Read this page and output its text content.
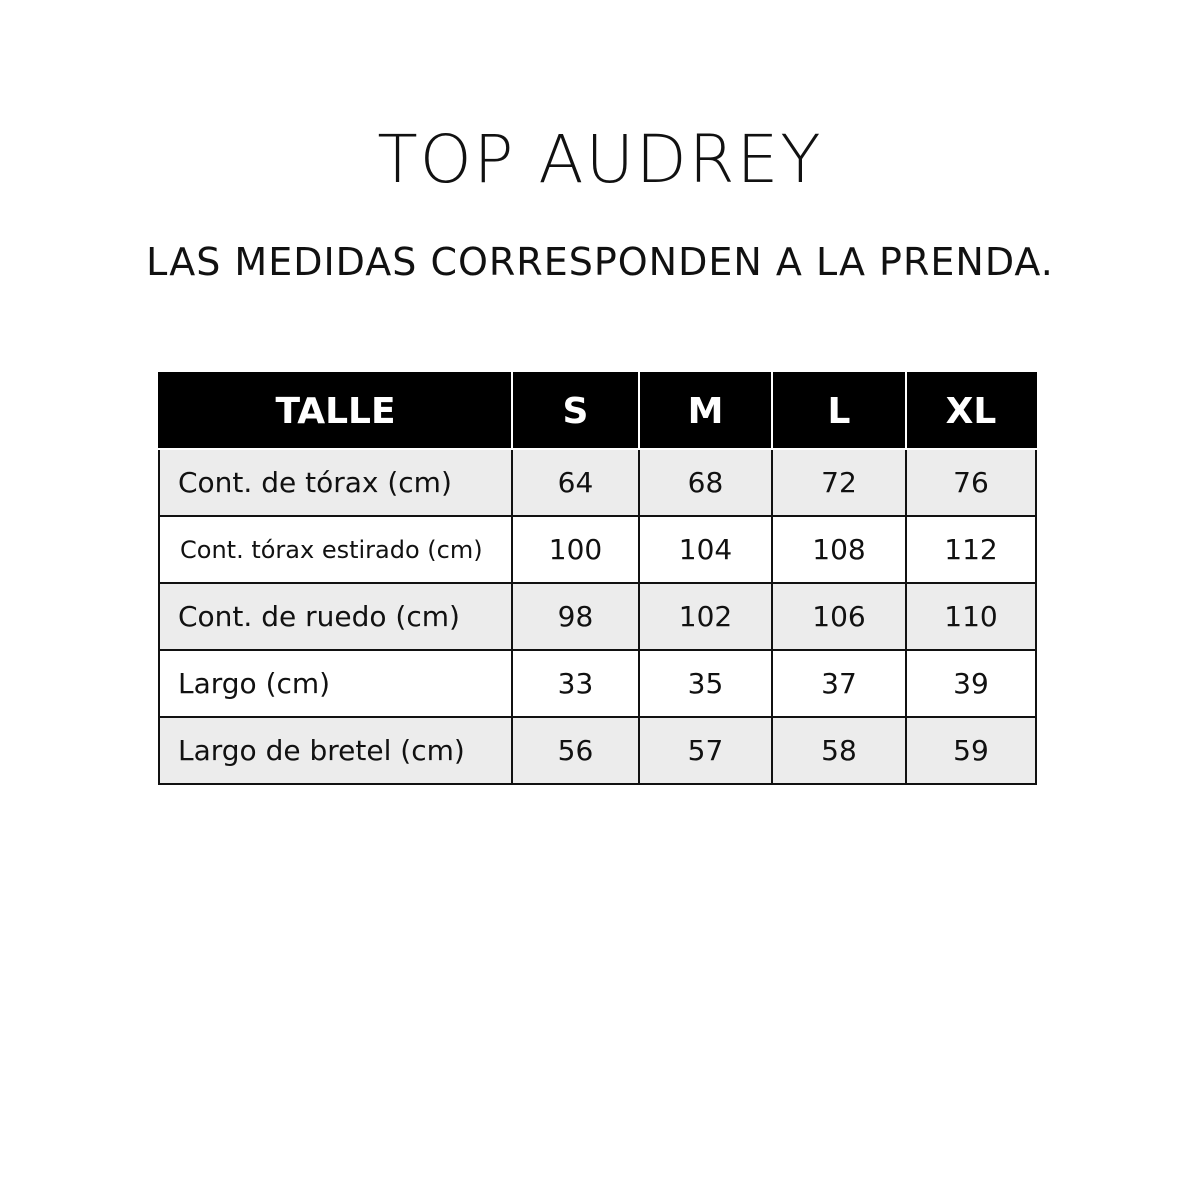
TOP AUDREY
LAS MEDIDAS CORRESPONDEN A LA PRENDA.
TALLE	S	M	L	XL
Cont. de tórax (cm)	64	68	72	76
Cont. tórax estirado (cm)	100	104	108	112
Cont. de ruedo (cm)	98	102	106	110
Largo (cm)	33	35	37	39
Largo de bretel (cm)	56	57	58	59
